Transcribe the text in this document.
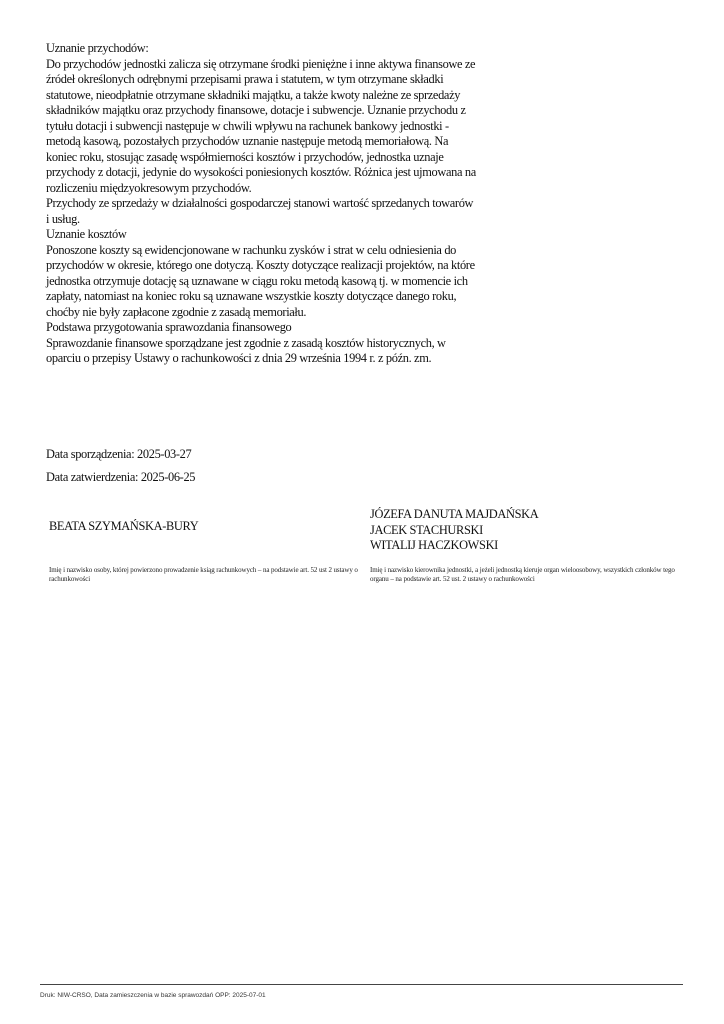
Uznanie przychodów:

Do przychodów jednostki zalicza się otrzymane środki pieniężne i inne aktywa finansowe ze źródeł określonych odrębnymi przepisami prawa i statutem, w tym otrzymane składki statutowe, nieodpłatnie otrzymane składniki majątku, a także kwoty należne ze sprzedaży składników majątku oraz przychody finansowe, dotacje i subwencje. Uznanie przychodu z tytułu dotacji i subwencji następuje w chwili wpływu na rachunek bankowy jednostki - metodą kasową, pozostałych przychodów uznanie następuje metodą memoriałową. Na koniec roku, stosując zasadę współmierności kosztów i przychodów, jednostka uznaje przychody z dotacji, jedynie do wysokości poniesionych kosztów. Różnica jest ujmowana na rozliczeniu międzyokresowym przychodów.

Przychody ze sprzedaży w działalności gospodarczej stanowi wartość sprzedanych towarów i usług.

Uznanie kosztów

Ponoszone koszty są ewidencjonowane w rachunku zysków i strat w celu odniesienia do przychodów w okresie, którego one dotyczą. Koszty dotyczące realizacji projektów, na które jednostka otrzymuje dotację są uznawane w ciągu roku metodą kasową tj. w momencie ich zapłaty, natomiast na koniec roku są uznawane wszystkie koszty dotyczące danego roku, choćby nie były zapłacone zgodnie z zasadą memoriału.

Podstawa przygotowania sprawozdania finansowego

Sprawozdanie finansowe sporządzane jest zgodnie z zasadą kosztów historycznych, w oparciu o przepisy Ustawy o rachunkowości z dnia 29 września 1994 r. z późn. zm.

Data sporządzenia: 2025-03-27

Data zatwierdzenia: 2025-06-25

BEATA SZYMAŃSKA-BURY

JÓZEFA DANUTA MAJDAŃSKA

JACEK STACHURSKI

WITALIJ HACZKOWSKI

Imię i nazwisko osoby, której powierzono prowadzenie ksiąg rachunkowych – na podstawie art. 52 ust 2 ustawy o rachunkowości
Imię i nazwisko kierownika jednostki, a jeżeli jednostką kieruje organ wieloosobowy, wszystkich członków tego organu – na podstawie art. 52 ust. 2 ustawy o rachunkowości
Druk: NIW-CRSO, Data zamieszczenia w bazie sprawozdań OPP: 2025-07-01
